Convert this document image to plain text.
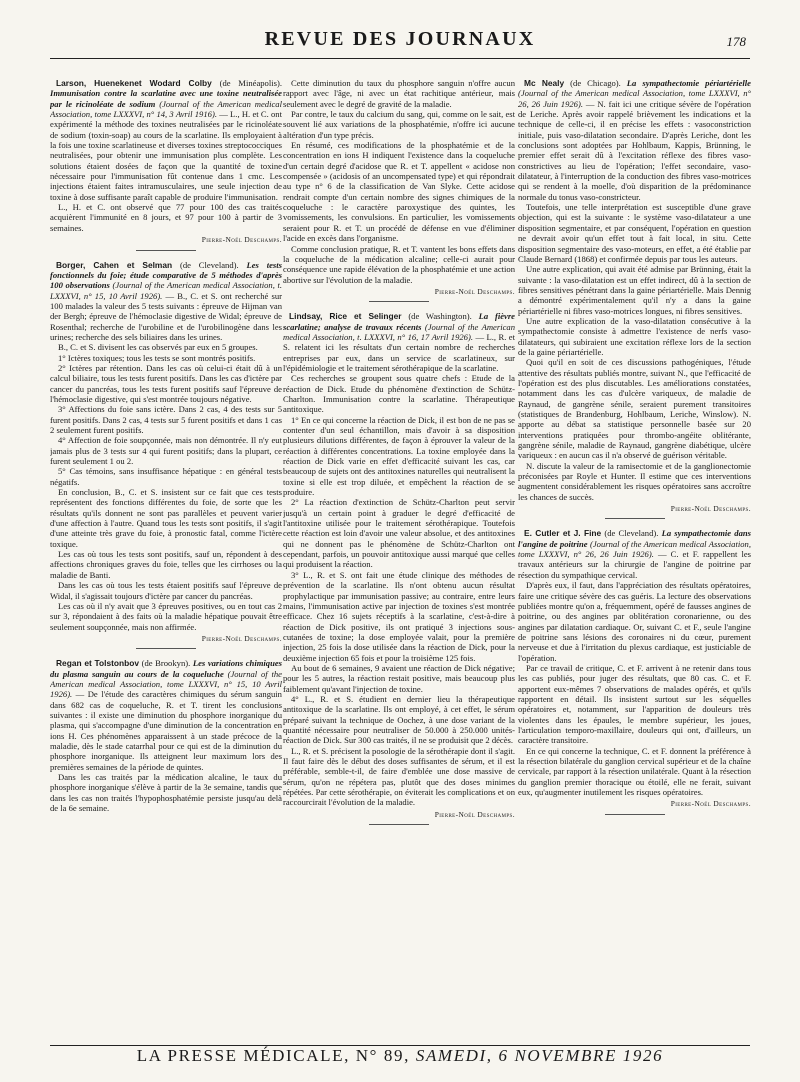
REVUE DES JOURNAUX	178

Larson, Huenekenet Wodard Colby (de Minéapolis). Immunisation contre la scarlatine avec une toxine neutralisée par le ricinoléate de sodium (Journal of the American medical Association, tome LXXXVI, n° 14, 3 Avril 1916). — L., H. et C. ont expérimenté la méthode des toxines neutralisées par le ricinoléate de sodium (toxin-soap) au cours de la scarlatine. Ils employaient à la fois une toxine scarlatineuse et diverses toxines streptococciques neutralisées, pour obtenir une immunisation plus complète. Les solutions étaient dosées de façon que la quantité de toxine nécessaire pour l'immunisation fût contenue dans 1 cmc. Les injections étaient faites intramusculaires, une seule injection de toxine à dose suffisante paraît capable de produire l'immunisation.

L., H. et C. ont observé que 77 pour 100 des cas traités acquièrent l'immunité en 8 jours, et 97 pour 100 à partir de 3 semaines.

Pierre-Noël Deschamps.

Borger, Cahen et Selman (de Cleveland). Les tests fonctionnels du foie; étude comparative de 5 méthodes d'après 100 observations (Journal of the American medical Association, t. LXXXVI, n° 15, 10 Avril 1926). — B., C. et S. ont recherché sur 100 malades la valeur des 5 tests suivants : épreuve de Hijman van der Bergh; épreuve de l'hémoclasie digestive de Widal; épreuve de Rosenthal; recherche de l'urobiline et de l'urobilinogène dans les urines; recherche des sels biliaires dans les urines.

B., C. et S. divisent les cas observés par eux en 5 groupes.

1° Ictères toxiques; tous les tests se sont montrés positifs.

2° Ictères par rétention. Dans les cas où celui-ci était dû à un calcul biliaire, tous les tests furent positifs. Dans les cas d'ictère par cancer du pancréas, tous les tests furent positifs sauf l'épreuve de l'hémoclasie digestive, qui s'est montrée toujours négative.

3° Affections du foie sans ictère. Dans 2 cas, 4 des tests sur 5 furent positifs. Dans 2 cas, 4 tests sur 5 furent positifs et dans 1 cas 2 seulement furent positifs.

4° Affection de foie soupçonnée, mais non démontrée. Il n'y eut jamais plus de 3 tests sur 4 qui furent positifs; dans la plupart, ce furent seulement 1 ou 2.

5° Cas témoins, sans insuffisance hépatique : en général tests négatifs.

En conclusion, B., C. et S. insistent sur ce fait que ces tests représentent des fonctions différentes du foie, de sorte que les résultats qu'ils donnent ne sont pas parallèles et peuvent varier d'une affection à l'autre. Quand tous les tests sont positifs, il s'agit d'une atteinte très grave du foie, à pronostic fatal, comme l'ictère toxique.

Les cas où tous les tests sont positifs, sauf un, répondent à des affections chroniques graves du foie, telles que les cirrhoses ou la maladie de Banti.

Dans les cas où tous les tests étaient positifs sauf l'épreuve de Widal, il s'agissait toujours d'ictère par cancer du pancréas.

Les cas où il n'y avait que 3 épreuves positives, ou en tout cas 2 sur 3, répondaient à des faits où la maladie hépatique pouvait être seulement soupçonnée, mais non affirmée.

Pierre-Noël Deschamps.

Regan et Tolstonbov (de Brookyn). Les variations chimiques du plasma sanguin au cours de la coqueluche (Journal of the American medical Association, tome LXXXVI, n° 15, 10 Avril 1926). — De l'étude des caractères chimiques du sérum sanguin dans 682 cas de coqueluche, R. et T. tirent les conclusions suivantes : il existe une diminution du phosphore inorganique du plasma, qui s'accompagne d'une diminution de la concentration en ions H. Ces phénomènes apparaissent à un stade précoce de la maladie, dès le stade catarrhal pour ce qui est de la diminution du phosphore inorganique. Ils atteignent leur maximum lors des premières semaines de la période de quintes.

Dans les cas traités par la médication alcaline, le taux du phosphore inorganique s'élève à partir de la 3e semaine, tandis que dans les cas non traités l'hypophosphatémie persiste jusqu'au delà de la 6e semaine.

Cette diminution du taux du phosphore sanguin n'offre aucun rapport avec l'âge, ni avec un état rachitique antérieur, mais seulement avec le degré de gravité de la maladie.

Par contre, le taux du calcium du sang, qui, comme on le sait, est souvent lié aux variations de la phosphatémie, n'offre ici aucune altération d'un type précis.

En résumé, ces modifications de la phosphatémie et de la concentration en ions H indiquent l'existence dans la coqueluche d'un certain degré d'acidose que R. et T. appellent « acidose non compensée » (acidosis of an uncompensated type) et qui répondrait au type n° 6 de la classification de Van Slyke. Cette acidose rendrait compte d'un certain nombre des signes chimiques de la coqueluche : le caractère paroxystique des quintes, les vomissements, les convulsions. En particulier, les vomissements seraient pour R. et T. un procédé de défense en vue d'éliminer l'acide en excès dans l'organisme.

Comme conclusion pratique, R. et T. vantent les bons effets dans la coqueluche de la médication alcaline; celle-ci aurait pour conséquence une rapide élévation de la phosphatémie et une action abortive sur l'évolution de la maladie.

Pierre-Noël Deschamps.

Lindsay, Rice et Selinger (de Washington). La fièvre scarlatine; analyse de travaux récents (Journal of the American medical Association, t. LXXXVI, n° 16, 17 Avril 1926). — L., R. et S. relatent ici les résultats d'un certain nombre de recherches entreprises par eux, dans un service de scarlatineux, sur l'épidémiologie et le traitement sérothérapique de la scarlatine.

Ces recherches se groupent sous quatre chefs : Etude de la réaction de Dick. Etude du phénomène d'extinction de Schütz-Charlton. Immunisation contre la scarlatine. Thérapeutique antitoxique.

1° En ce qui concerne la réaction de Dick, il est bon de ne pas se contenter d'un seul échantillon, mais d'avoir à sa disposition plusieurs dilutions différentes, de façon à éprouver la valeur de la réaction à différentes concentrations. La toxine employée dans la réaction de Dick varie en effet d'efficacité suivant les cas, car beaucoup de sujets ont des antitoxines naturelles qui neutralisent la toxine si elle est trop diluée, et empêchent la réaction de se produire.

2° La réaction d'extinction de Schütz-Charlton peut servir jusqu'à un certain point à graduer le degré d'efficacité de l'antitoxine utilisée pour le traitement sérothérapique. Toutefois cette réaction est loin d'avoir une valeur absolue, et des antitoxines qui ne donnent pas le phénomène de Schütz-Charlton ont cependant, parfois, un pouvoir antitoxique aussi marqué que celles qui produisent la réaction.

3° L., R. et S. ont fait une étude clinique des méthodes de prévention de la scarlatine. Ils n'ont obtenu aucun résultat prophylactique par immunisation passive; au contraire, entre leurs mains, l'immunisation active par injection de toxines s'est montrée efficace. Chez 16 sujets réceptifs à la scarlatine, c'est-à-dire à réaction de Dick positive, ils ont pratiqué 3 injections sous-cutanées de toxine; la dose employée valait, pour la première injection, 25 fois la dose utilisée dans la réaction de Dick, pour la deuxième injection 65 fois et pour la troisième 125 fois.

Au bout de 6 semaines, 9 avaient une réaction de Dick négative; pour les 5 autres, la réaction restait positive, mais beaucoup plus faiblement qu'avant l'injection de toxine.

4° L., R. et S. étudient en dernier lieu la thérapeutique antitoxique de la scarlatine. Ils ont employé, à cet effet, le sérum préparé suivant la technique de Oochez, à une dose variant de la quantité nécessaire pour neutraliser de 50.000 à 250.000 unités-réaction de Dick. Sur 300 cas traités, il ne se produisit que 2 décès.

L., R. et S. précisent la posologie de la sérothérapie dont il s'agit. Il faut faire dès le début des doses suffisantes de sérum, et il est préférable, semble-t-il, de faire d'emblée une dose massive de sérum, qu'on ne répétera pas, plutôt que des doses minimes répétées. Par cette sérothérapie, on éviterait les complications et on raccourcirait l'évolution de la maladie.

Pierre-Noël Deschamps.

Mc Nealy (de Chicago). La sympathectomie périartérielle (Journal of the American medical Association, tome LXXXVI, n° 26, 26 Juin 1926). — N. fait ici une critique sévère de l'opération de Leriche. Après avoir rappelé brièvement les indications et la technique de celle-ci, il en précise les effets : vasoconstriction initiale, puis vaso-dilatation secondaire. D'après Leriche, dont les conclusions sont adoptées par Hohlbaum, Kappis, Brünning, le premier effet serait dû à l'excitation réflexe des fibres vaso-constrictives au lieu de l'opération; l'effet secondaire, vaso-dilatateur, à l'interruption de la conduction des fibres vaso-motrices qui se rendent à la moelle, d'où disparition de la prédominance normale du tonus vaso-constricteur.

Toutefois, une telle interprétation est susceptible d'une grave objection, qui est la suivante : le système vaso-dilatateur a une disposition segmentaire, et par conséquent, l'opération en question ne devrait avoir qu'un effet tout à fait local, in situ. Cette disposition segmentaire des vaso-moteurs, en effet, a été établie par Claude Bernard (1868) et confirmée depuis par tous les auteurs.

Une autre explication, qui avait été admise par Brünning, était la suivante : la vaso-dilatation est un effet indirect, dû à la section de fibres sensitives pénétrant dans la gaine périartérielle. Mais Dennig a démontré expérimentalement qu'il n'y a dans la gaine périartérielle ni fibres vaso-motrices longues, ni fibres sensitives.

Une autre explication de la vaso-dilatation consécutive à la sympathectomie consiste à admettre l'existence de nerfs vaso-dilatateurs, qui subiraient une excitation réflexe lors de la section de la gaine périartérielle.

Quoi qu'il en soit de ces discussions pathogéniques, l'étude attentive des résultats publiés montre, suivant N., que l'efficacité de l'opération est des plus discutables. Les améliorations constatées, notamment dans les cas d'ulcère variqueux, de maladie de Raynaud, de gangrène sénile, seraient purement transitoires (statistiques de Brandenburg, Hohlbaum, Leriche, Winslow). N. apporte au débat sa statistique personnelle basée sur 20 interventions pratiquées pour thrombo-angéite oblitérante, gangrène sénile, maladie de Raynaud, gangrène diabétique, ulcère variqueux : en aucun cas il n'a observé de guérison véritable.

N. discute la valeur de la ramisectomie et de la ganglionectomie préconisées par Royle et Hunter. Il estime que ces interventions augmentent considérablement les risques opératoires sans accroître les chances de succès.

Pierre-Noël Deschamps.

E. Cutler et J. Fine (de Cleveland). La sympathectomie dans l'angine de poitrine (Journal of the American medical Association, tome LXXXVI, n° 26, 26 Juin 1926). — C. et F. rappellent les travaux antérieurs sur la chirurgie de l'angine de poitrine par résection du sympathique cervical.

D'après eux, il faut, dans l'appréciation des résultats opératoires, faire une critique sévère des cas guéris. La lecture des observations publiées montre qu'on a, fréquemment, opéré de fausses angines de poitrine, ou des angines par oblitération coronarienne, ou des angines par dilatation cardiaque. Or, suivant C. et F., seule l'angine de poitrine sans lésions des coronaires ni du cœur, purement nerveuse et due à l'irritation du plexus cardiaque, est justiciable de l'opération.

Par ce travail de critique, C. et F. arrivent à ne retenir dans tous les cas publiés, pour juger des résultats, que 80 cas. C. et F. apportent eux-mêmes 7 observations de malades opérés, et qu'ils rapportent en détail. Ils insistent surtout sur les séquelles opératoires et, notamment, sur l'apparition de douleurs très violentes dans les épaules, le membre supérieur, les joues, l'articulation temporo-maxillaire, douleurs qui ont, d'ailleurs, un caractère transitoire.

En ce qui concerne la technique, C. et F. donnent la préférence à la résection bilatérale du ganglion cervical supérieur et de la chaîne cervicale, par rapport à la résection unilatérale. Quant à la résection du ganglion premier thoracique ou étoilé, elle ne ferait, suivant eux, qu'augmenter inutilement les risques opératoires.

Pierre-Noël Deschamps.

LA PRESSE MÉDICALE, N° 89, SAMEDI, 6 NOVEMBRE 1926
